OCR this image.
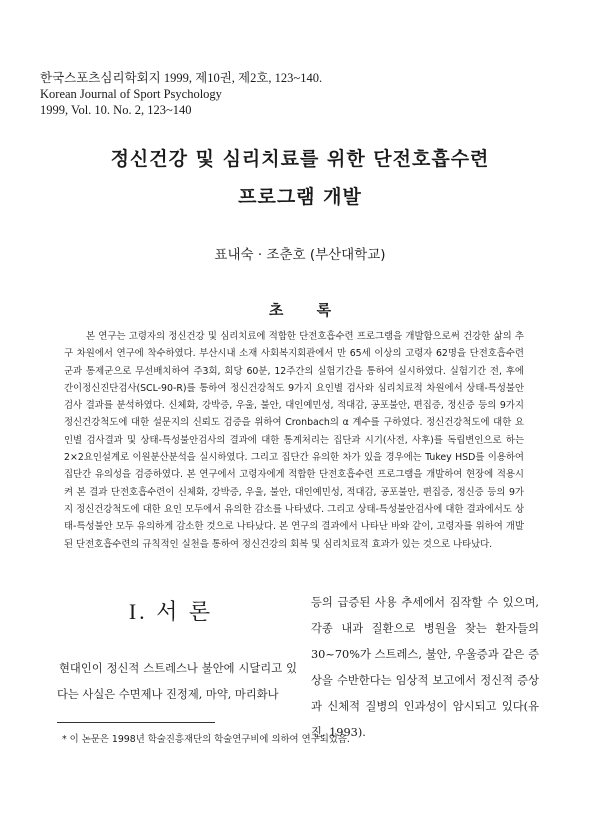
한국스포츠심리학회지 1999, 제10권, 제2호, 123~140.
Korean Journal of Sport Psychology
1999, Vol. 10. No. 2, 123~140
정신건강 및 심리치료를 위한 단전호흡수련
프로그램 개발
표내숙 · 조춘호 (부산대학교)
초 록

본 연구는 고령자의 정신건강 및 심리치료에 적합한 단전호흡수련 프로그램을 개발함으로써 건강한 삶의 추구 차원에서 연구에 착수하였다. 부산시내 소재 사회복지회관에서 만 65세 이상의 고령자 62명을 단전호흡수련군과 통제군으로 무선배치하여 주3회, 회당 60분, 12주간의 실험기간을 통하여 실시하였다. 실험기간 전, 후에 간이정신진단검사(SCL-90-R)를 통하여 정신건강척도 9가지 요인별 검사와 심리치료적 차원에서 상태-특성불안검사 결과를 분석하였다. 신체화, 강박증, 우울, 불안, 대인예민성, 적대감, 공포불안, 편집증, 정신증 등의 9가지 정신건강척도에 대한 설문지의 신뢰도 검증을 위하여 Cronbach의 α 계수를 구하였다. 정신건강척도에 대한 요인별 검사결과 및 상태-특성불안검사의 결과에 대한 통계처리는 집단과 시기(사전, 사후)를 독립변인으로 하는 2×2요인설계로 이원분산분석을 실시하였다. 그리고 집단간 유의한 차가 있을 경우에는 Tukey HSD를 이용하여 집단간 유의성을 검증하였다. 본 연구에서 고령자에게 적합한 단전호흡수련 프로그램을 개발하여 현장에 적용시켜 본 결과 단전호흡수련이 신체화, 강박증, 우울, 불안, 대인예민성, 적대감, 공포불안, 편집증, 정신증 등의 9가지 정신건강척도에 대한 요인 모두에서 유의한 감소를 나타냈다. 그리고 상태-특성불안검사에 대한 결과에서도 상태-특성불안 모두 유의하게 감소한 것으로 나타났다. 본 연구의 결과에서 나타난 바와 같이, 고령자를 위하여 개발된 단전호흡수련의 규칙적인 실천을 통하여 정신건강의 회복 및 심리치료적 효과가 있는 것으로 나타났다.

I. 서 론

현대인이 정신적 스트레스나 불안에 시달리고 있다는 사실은 수면제나 진정제, 마약, 마리화나

등의 급증된 사용 추세에서 짐작할 수 있으며, 각종 내과 질환으로 병원을 찾는 환자들의 30~70%가 스트레스, 불안, 우울증과 같은 증상을 수반한다는 임상적 보고에서 정신적 증상과 신체적 질병의 인과성이 암시되고 있다(유 진, 1993).

* 이 논문은 1998년 학술진흥재단의 학술연구비에 의하여 연구되었음.
